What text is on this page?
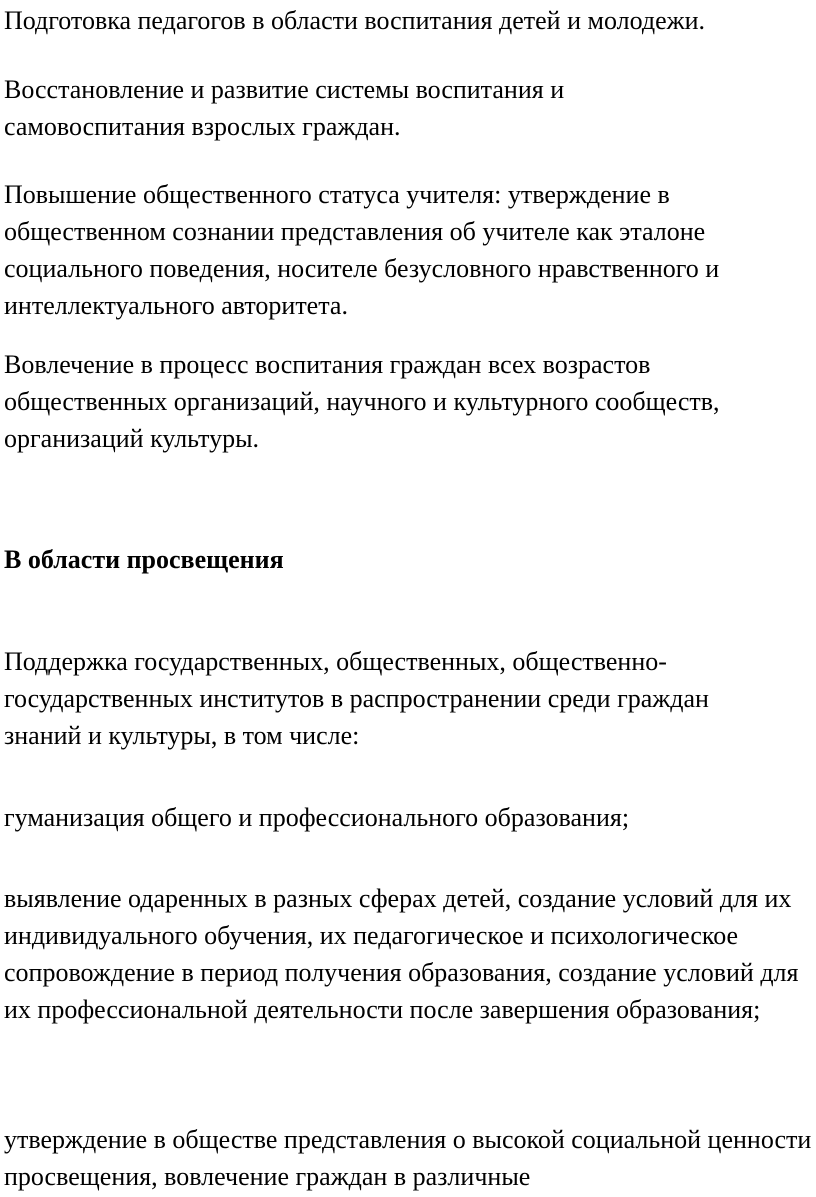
Подготовка педагогов в области воспитания детей и молодежи.

Восстановление и развитие системы воспитания и самовоспитания взрослых граждан.

Повышение общественного статуса учителя: утверждение в общественном сознании представления об учителе как эталоне социального поведения, носителе безусловного нравственного и интеллектуального авторитета.

Вовлечение в процесс воспитания граждан всех возрастов общественных организаций, научного и культурного сообществ, организаций культуры.

В области просвещения

Поддержка государственных, общественных, общественно-государственных институтов в распространении среди граждан знаний и культуры, в том числе:

гуманизация общего и профессионального образования;

выявление одаренных в разных сферах детей, создание условий для их индивидуального обучения, их педагогическое и психологическое сопровождение в период получения образования, создание условий для их профессиональной деятельности после завершения образования;

утверждение в обществе представления о высокой социальной ценности просвещения, вовлечение граждан в различные
